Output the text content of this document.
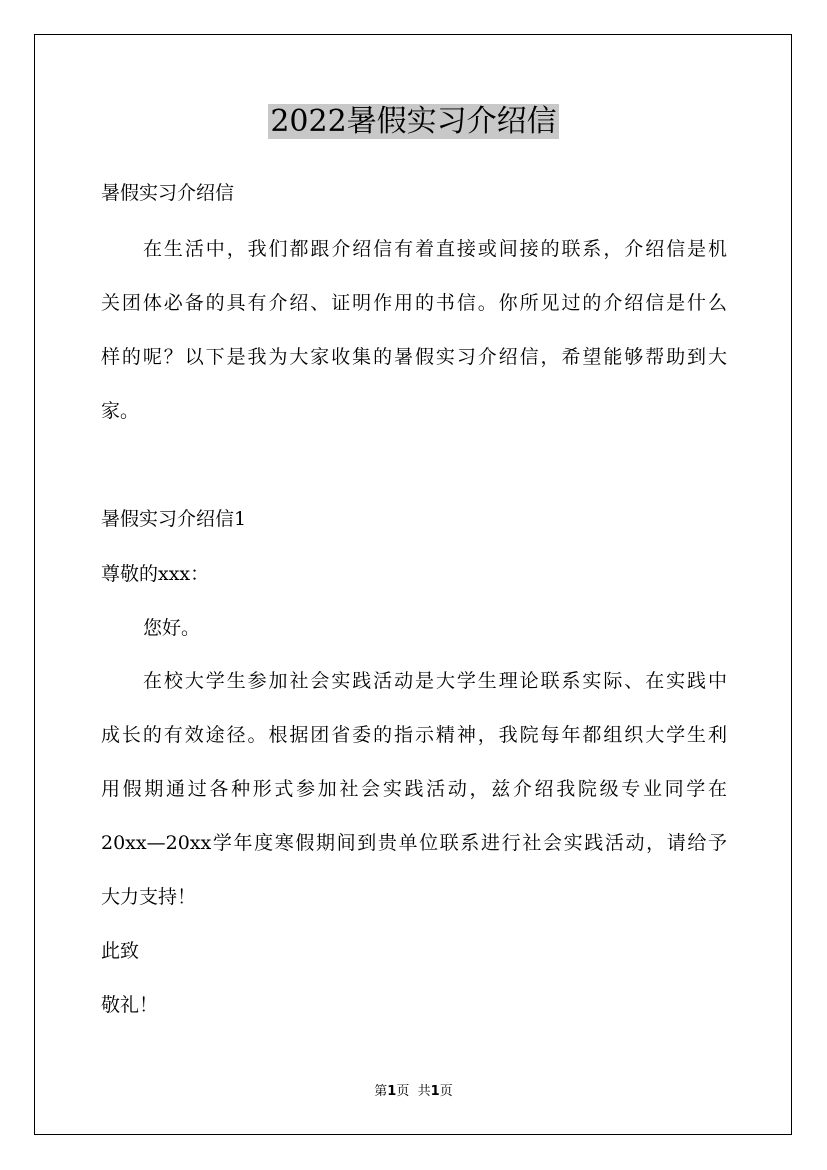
2022暑假实习介绍信
暑假实习介绍信
在生活中，我们都跟介绍信有着直接或间接的联系，介绍信是机
关团体必备的具有介绍、证明作用的书信。你所见过的介绍信是什么
样的呢？以下是我为大家收集的暑假实习介绍信，希望能够帮助到大
家。
暑假实习介绍信1
尊敬的xxx：
您好。
在校大学生参加社会实践活动是大学生理论联系实际、在实践中
成长的有效途径。根据团省委的指示精神，我院每年都组织大学生利
用假期通过各种形式参加社会实践活动，兹介绍我院级专业同学在
20xx—20xx学年度寒假期间到贵单位联系进行社会实践活动，请给予
大力支持！
此致
敬礼！
第1页 共1页
